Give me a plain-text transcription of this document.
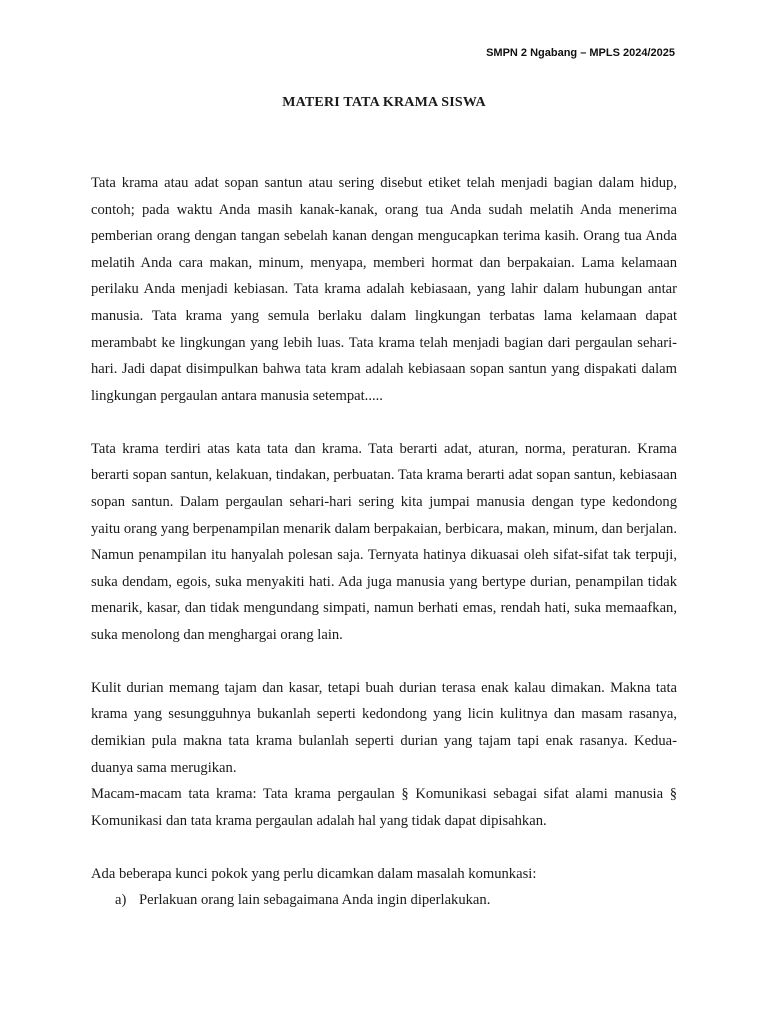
SMPN 2 Ngabang – MPLS 2024/2025
MATERI TATA KRAMA SISWA

Tata krama atau adat sopan santun atau sering disebut etiket telah menjadi bagian dalam hidup, contoh; pada waktu Anda masih kanak-kanak, orang tua Anda sudah melatih Anda menerima pemberian orang dengan tangan sebelah kanan dengan mengucapkan terima kasih. Orang tua Anda melatih Anda cara makan, minum, menyapa, memberi hormat dan berpakaian. Lama kelamaan perilaku Anda menjadi kebiasan. Tata krama adalah kebiasaan, yang lahir dalam hubungan antar manusia. Tata krama yang semula berlaku dalam lingkungan terbatas lama kelamaan dapat merambabt ke lingkungan yang lebih luas. Tata krama telah menjadi bagian dari pergaulan sehari-hari. Jadi dapat disimpulkan bahwa tata kram adalah kebiasaan sopan santun yang dispakati dalam lingkungan pergaulan antara manusia setempat.....

Tata krama terdiri atas kata tata dan krama. Tata berarti adat, aturan, norma, peraturan. Krama berarti sopan santun, kelakuan, tindakan, perbuatan. Tata krama berarti adat sopan santun, kebiasaan sopan santun. Dalam pergaulan sehari-hari sering kita jumpai manusia dengan type kedondong yaitu orang yang berpenampilan menarik dalam berpakaian, berbicara, makan, minum, dan berjalan. Namun penampilan itu hanyalah polesan saja. Ternyata hatinya dikuasai oleh sifat-sifat tak terpuji, suka dendam, egois, suka menyakiti hati. Ada juga manusia yang bertype durian, penampilan tidak menarik, kasar, dan tidak mengundang simpati, namun berhati emas, rendah hati, suka memaafkan, suka menolong dan menghargai orang lain.

Kulit durian memang tajam dan kasar, tetapi buah durian terasa enak kalau dimakan. Makna tata krama yang sesungguhnya bukanlah seperti kedondong yang licin kulitnya dan masam rasanya, demikian pula makna tata krama bulanlah seperti durian yang tajam tapi enak rasanya. Kedua-duanya sama merugikan.

Macam-macam tata krama: Tata krama pergaulan § Komunikasi sebagai sifat alami manusia § Komunikasi dan tata krama pergaulan adalah hal yang tidak dapat dipisahkan.

Ada beberapa kunci pokok yang perlu dicamkan dalam masalah komunkasi:

a) Perlakuan orang lain sebagaimana Anda ingin diperlakukan.
